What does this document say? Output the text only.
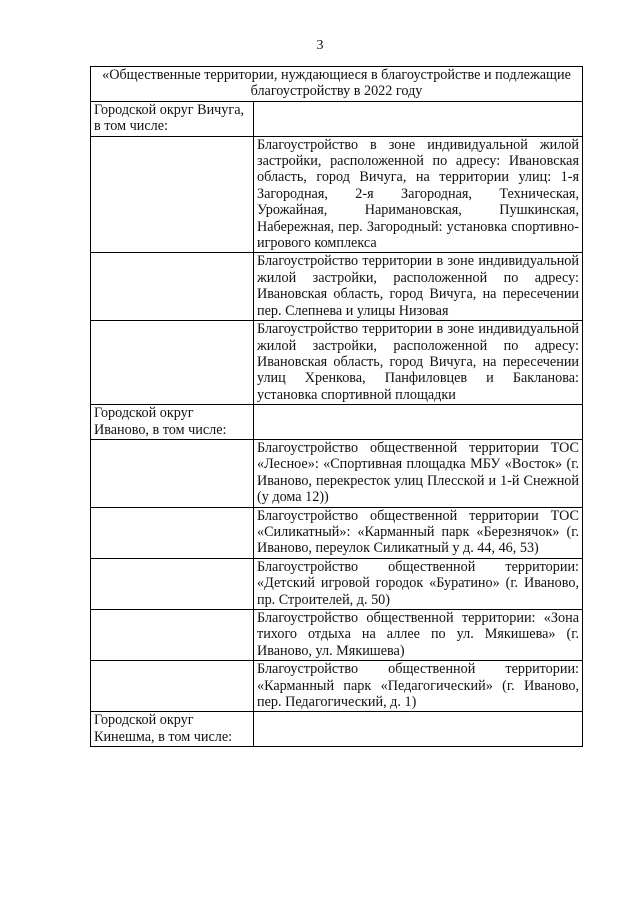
3
«Общественные территории, нуждающиеся в благоустройстве и подлежащие благоустройству в 2022 году	
Городской округ Вичуга, в том числе:	
	Благоустройство в зоне индивидуальной жилой застройки, расположенной по адресу: Ивановская область, город Вичуга, на территории улиц: 1-я Загородная, 2-я Загородная, Техническая, Урожайная, Наримановская, Пушкинская, Набережная, пер. Загородный: установка спортивно-игрового комплекса
	Благоустройство территории в зоне индивидуальной жилой застройки, расположенной по адресу: Ивановская область, город Вичуга, на пересечении пер. Слепнева и улицы Низовая
	Благоустройство территории в зоне индивидуальной жилой застройки, расположенной по адресу: Ивановская область, город Вичуга, на пересечении улиц Хренкова, Панфиловцев и Бакланова: установка спортивной площадки
Городской округ Иваново, в том числе:	
	Благоустройство общественной территории ТОС «Лесное»: «Спортивная площадка МБУ «Восток» (г. Иваново, перекресток улиц Плесской и 1-й Снежной (у дома 12))
	Благоустройство общественной территории ТОС «Силикатный»: «Карманный парк «Березнячок» (г. Иваново, переулок Силикатный у д. 44, 46, 53)
	Благоустройство общественной территории: «Детский игровой городок «Буратино» (г. Иваново, пр. Строителей, д. 50)
	Благоустройство общественной территории: «Зона тихого отдыха на аллее по ул. Мякишева» (г. Иваново, ул. Мякишева)
	Благоустройство общественной территории: «Карманный парк «Педагогический» (г. Иваново, пер. Педагогический, д. 1)
Городской округ Кинешма, в том числе:	
